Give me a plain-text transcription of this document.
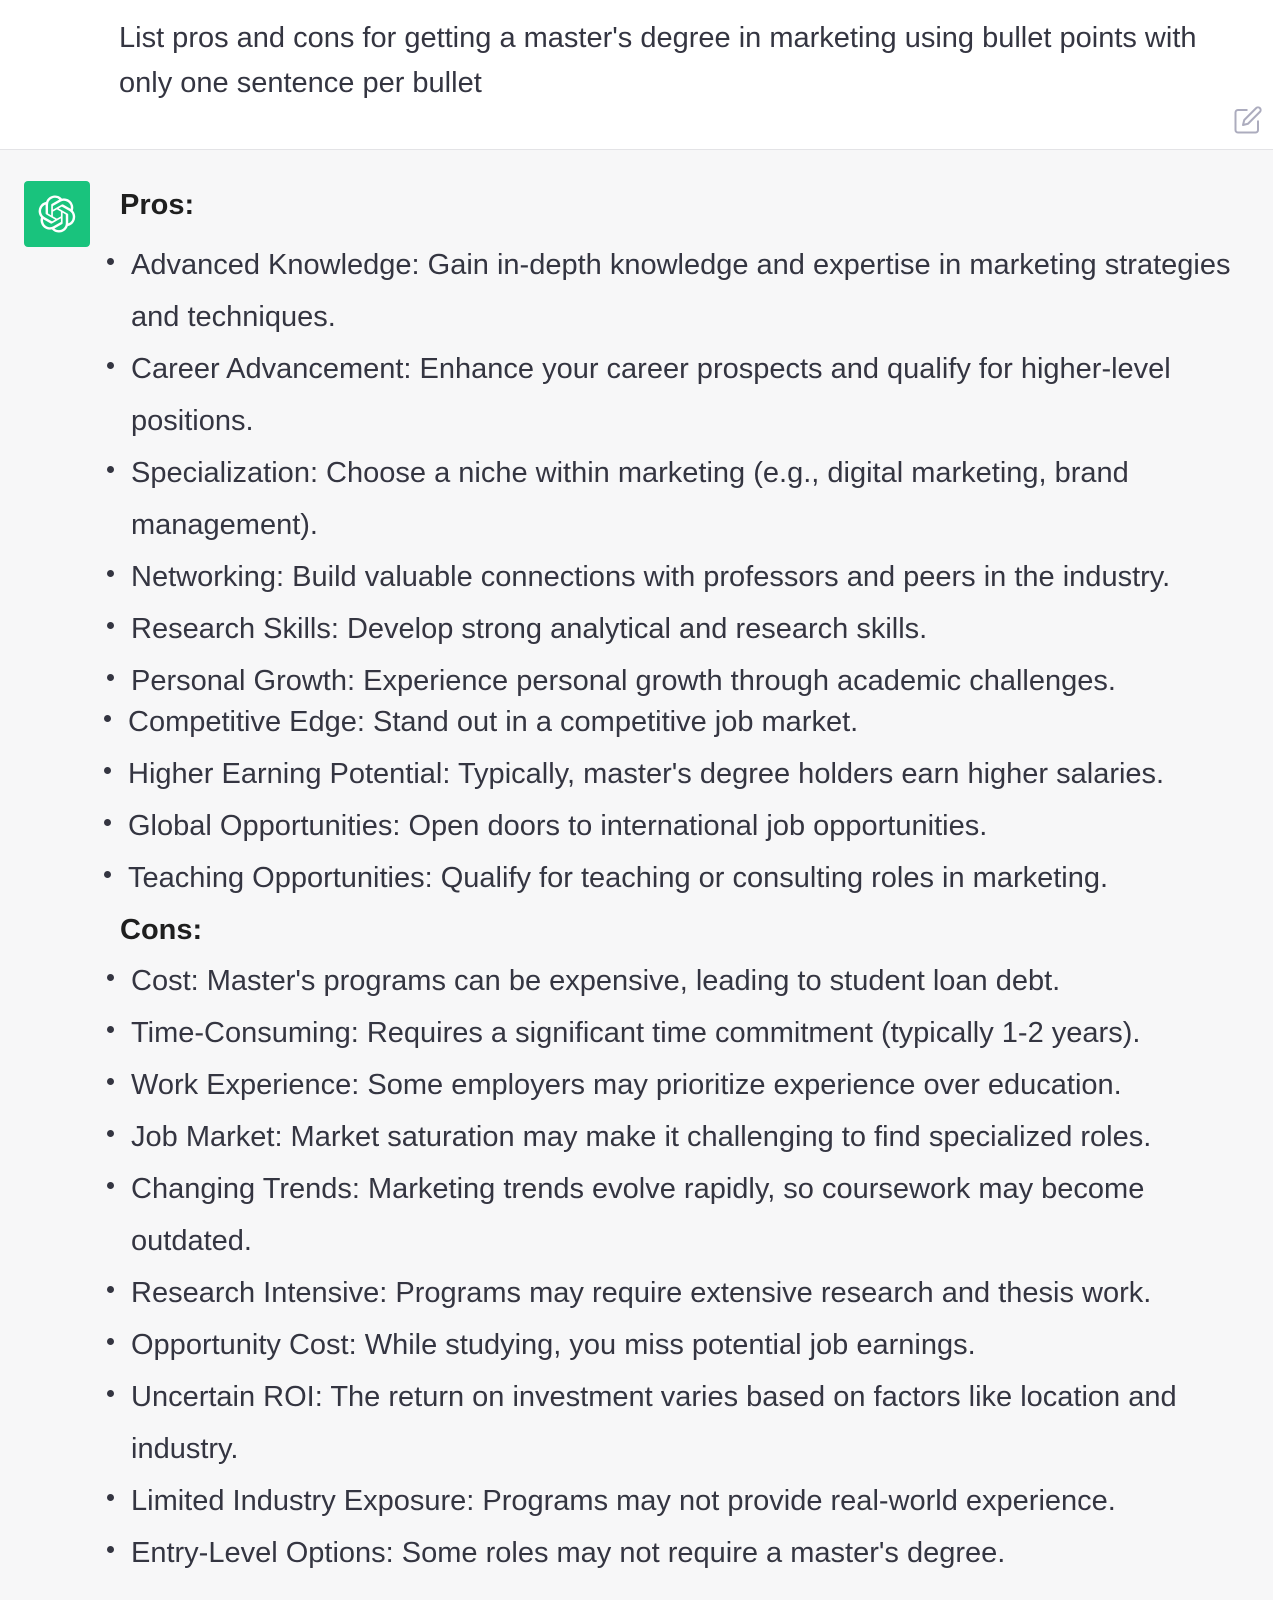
List pros and cons for getting a master's degree in marketing using bullet points with only one sentence per bullet
Pros:
Advanced Knowledge: Gain in-depth knowledge and expertise in marketing strategies and techniques.
Career Advancement: Enhance your career prospects and qualify for higher-level positions.
Specialization: Choose a niche within marketing (e.g., digital marketing, brand management).
Networking: Build valuable connections with professors and peers in the industry.
Research Skills: Develop strong analytical and research skills.
Personal Growth: Experience personal growth through academic challenges.
Competitive Edge: Stand out in a competitive job market.
Higher Earning Potential: Typically, master's degree holders earn higher salaries.
Global Opportunities: Open doors to international job opportunities.
Teaching Opportunities: Qualify for teaching or consulting roles in marketing.
Cons:
Cost: Master's programs can be expensive, leading to student loan debt.
Time-Consuming: Requires a significant time commitment (typically 1-2 years).
Work Experience: Some employers may prioritize experience over education.
Job Market: Market saturation may make it challenging to find specialized roles.
Changing Trends: Marketing trends evolve rapidly, so coursework may become outdated.
Research Intensive: Programs may require extensive research and thesis work.
Opportunity Cost: While studying, you miss potential job earnings.
Uncertain ROI: The return on investment varies based on factors like location and industry.
Limited Industry Exposure: Programs may not provide real-world experience.
Entry-Level Options: Some roles may not require a master's degree.
